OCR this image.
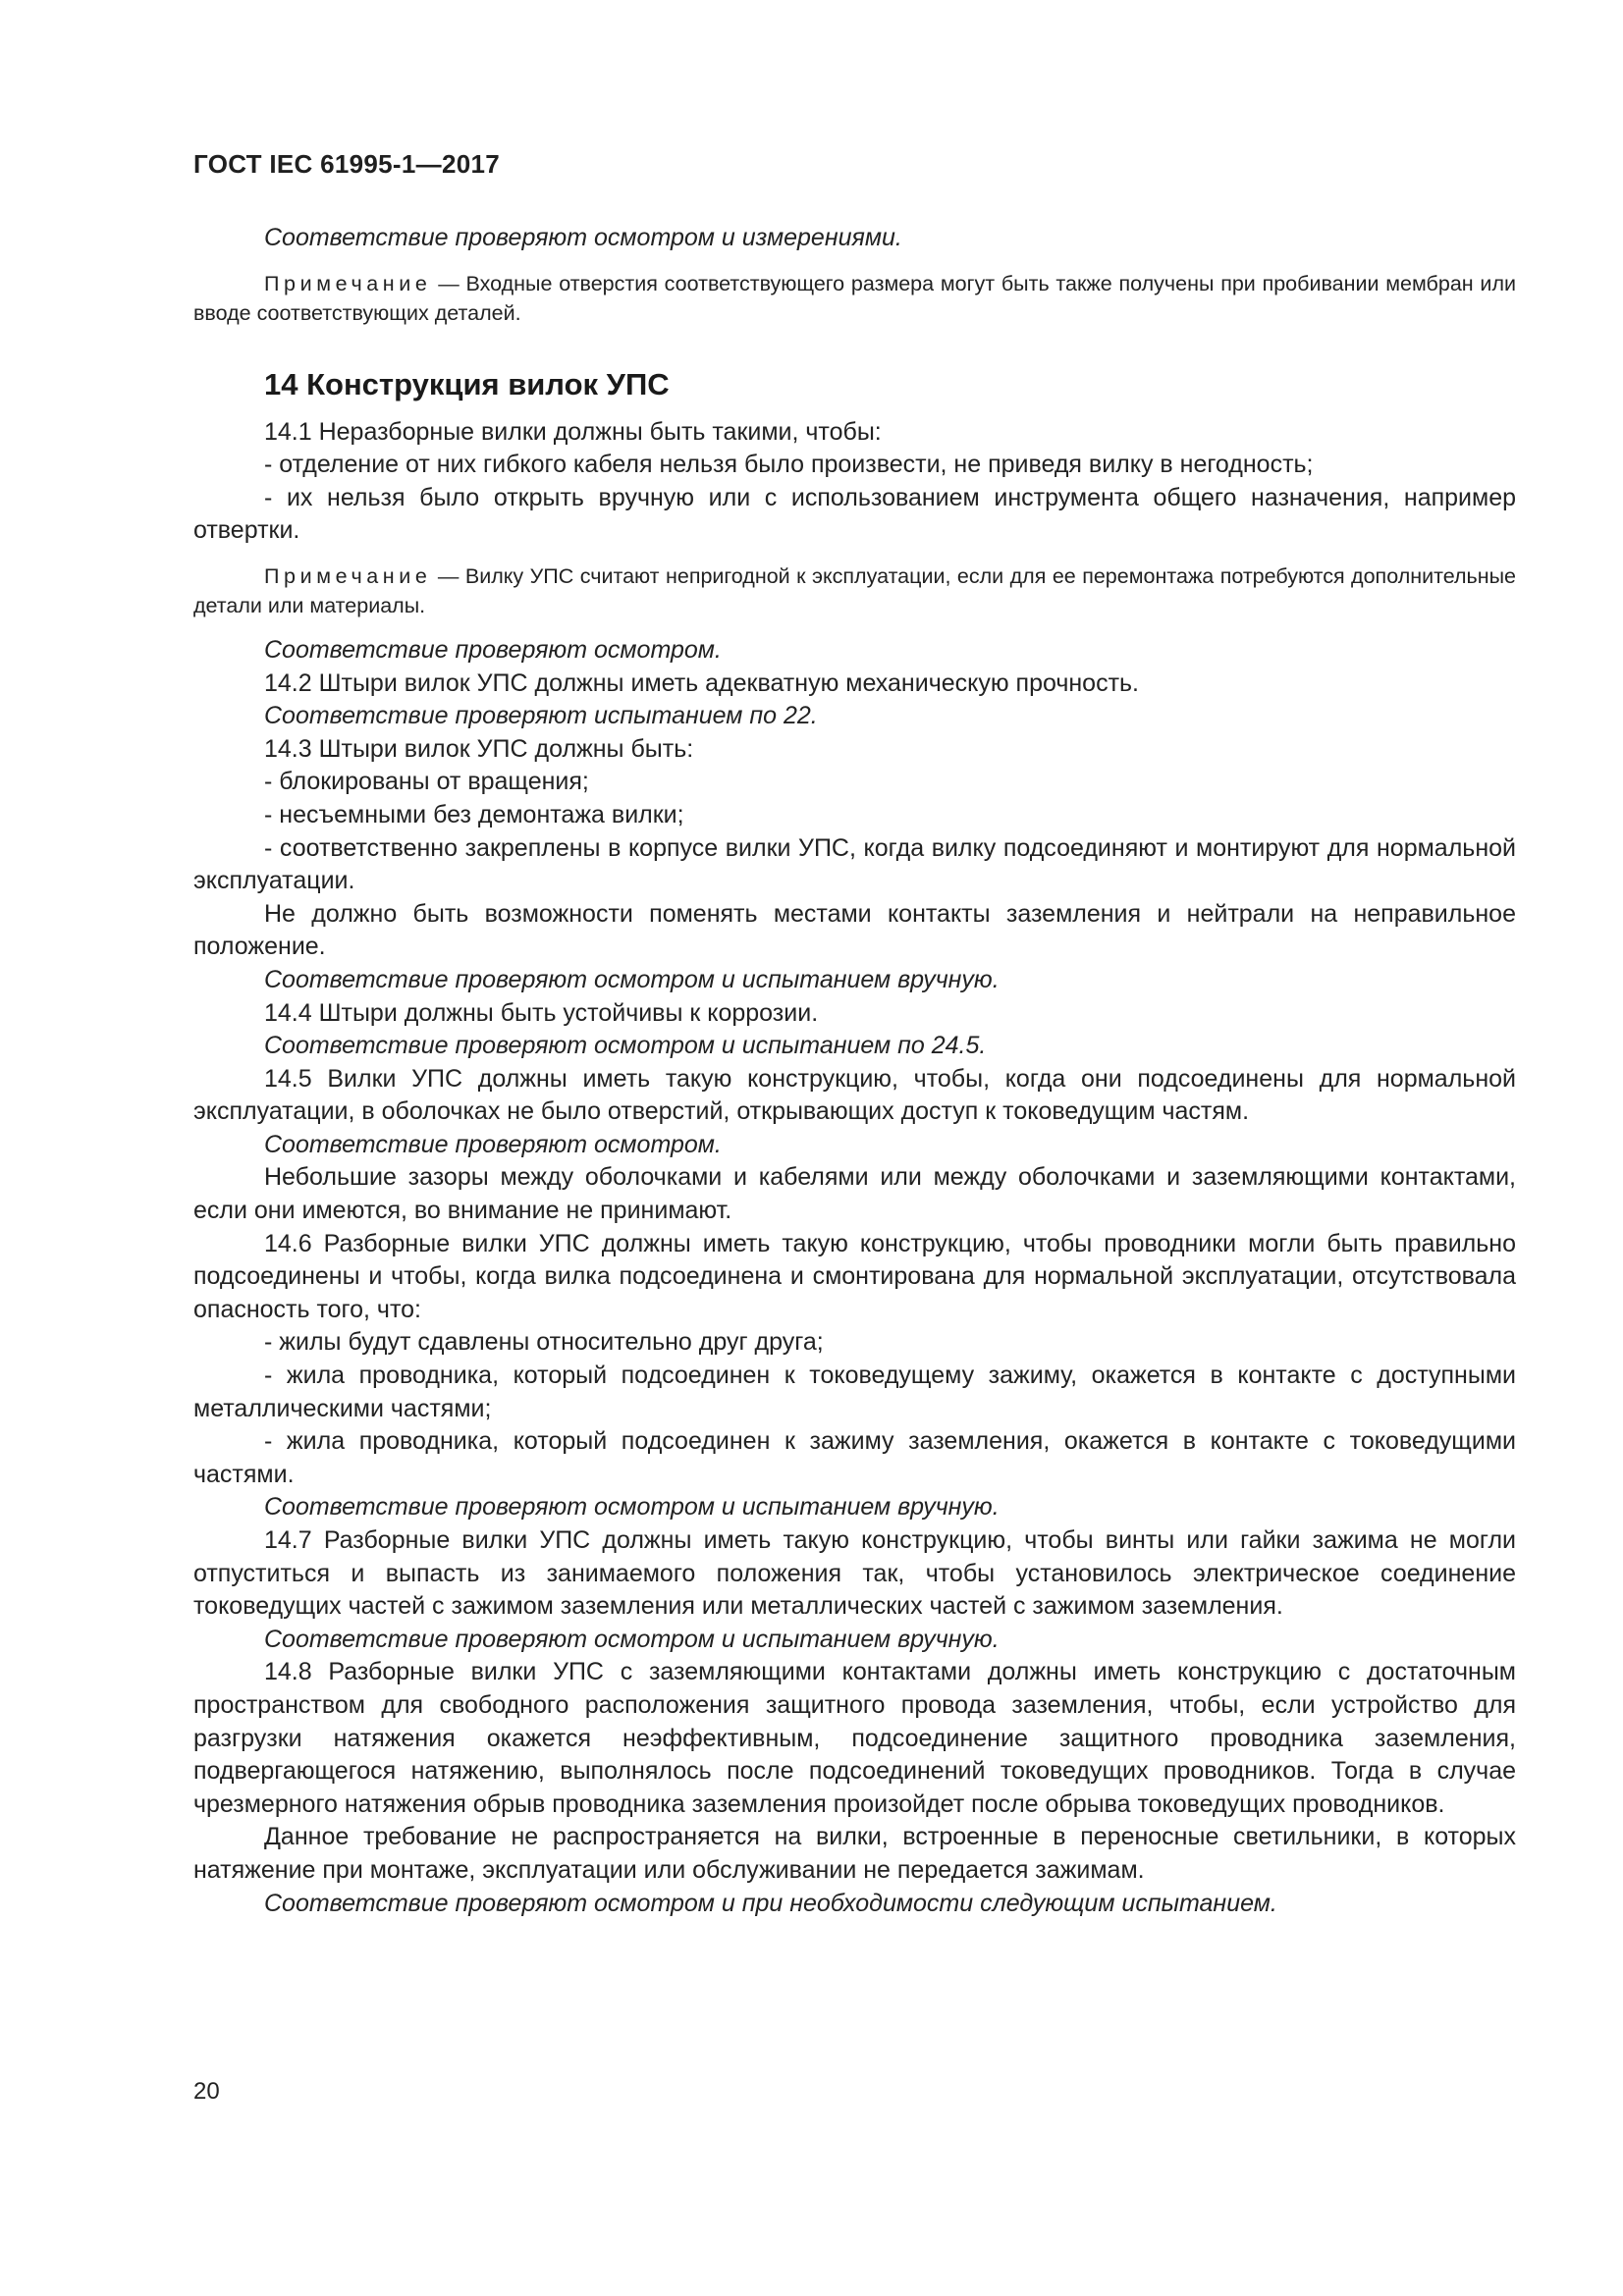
ГОСТ IEC 61995-1—2017

Соответствие проверяют осмотром и измерениями.

Примечание — Входные отверстия соответствующего размера могут быть также получены при пробивании мембран или вводе соответствующих деталей.
14 Конструкция вилок УПС

14.1 Неразборные вилки должны быть такими, чтобы:

- отделение от них гибкого кабеля нельзя было произвести, не приведя вилку в негодность;

- их нельзя было открыть вручную или с использованием инструмента общего назначения, например отвертки.

Примечание — Вилку УПС считают непригодной к эксплуатации, если для ее перемонтажа потребуются дополнительные детали или материалы.

Соответствие проверяют осмотром.

14.2 Штыри вилок УПС должны иметь адекватную механическую прочность.

Соответствие проверяют испытанием по 22.

14.3 Штыри вилок УПС должны быть:

- блокированы от вращения;

- несъемными без демонтажа вилки;

- соответственно закреплены в корпусе вилки УПС, когда вилку подсоединяют и монтируют для нормальной эксплуатации.

Не должно быть возможности поменять местами контакты заземления и нейтрали на неправильное положение.

Соответствие проверяют осмотром и испытанием вручную.

14.4 Штыри должны быть устойчивы к коррозии.

Соответствие проверяют осмотром и испытанием по 24.5.

14.5 Вилки УПС должны иметь такую конструкцию, чтобы, когда они подсоединены для нормальной эксплуатации, в оболочках не было отверстий, открывающих доступ к токоведущим частям.

Соответствие проверяют осмотром.

Небольшие зазоры между оболочками и кабелями или между оболочками и заземляющими контактами, если они имеются, во внимание не принимают.

14.6 Разборные вилки УПС должны иметь такую конструкцию, чтобы проводники могли быть правильно подсоединены и чтобы, когда вилка подсоединена и смонтирована для нормальной эксплуатации, отсутствовала опасность того, что:

- жилы будут сдавлены относительно друг друга;

- жила проводника, который подсоединен к токоведущему зажиму, окажется в контакте с доступными металлическими частями;

- жила проводника, который подсоединен к зажиму заземления, окажется в контакте с токоведущими частями.

Соответствие проверяют осмотром и испытанием вручную.

14.7 Разборные вилки УПС должны иметь такую конструкцию, чтобы винты или гайки зажима не могли отпуститься и выпасть из занимаемого положения так, чтобы установилось электрическое соединение токоведущих частей с зажимом заземления или металлических частей с зажимом заземления.

Соответствие проверяют осмотром и испытанием вручную.

14.8 Разборные вилки УПС с заземляющими контактами должны иметь конструкцию с достаточным пространством для свободного расположения защитного провода заземления, чтобы, если устройство для разгрузки натяжения окажется неэффективным, подсоединение защитного проводника заземления, подвергающегося натяжению, выполнялось после подсоединений токоведущих проводников. Тогда в случае чрезмерного натяжения обрыв проводника заземления произойдет после обрыва токоведущих проводников.

Данное требование не распространяется на вилки, встроенные в переносные светильники, в которых натяжение при монтаже, эксплуатации или обслуживании не передается зажимам.

Соответствие проверяют осмотром и при необходимости следующим испытанием.

20
